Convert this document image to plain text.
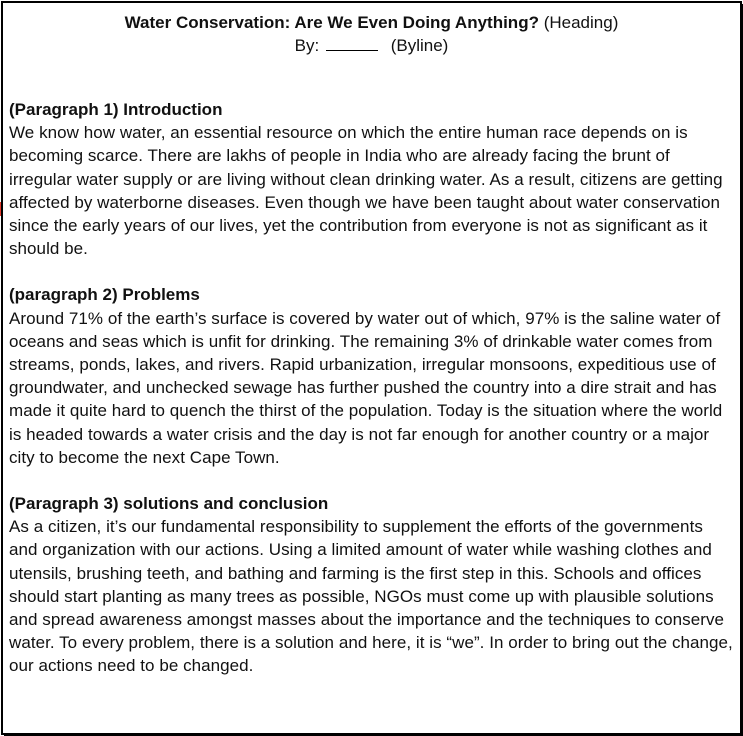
Water Conservation: Are We Even Doing Anything? (Heading)
By:	(Byline)
(Paragraph 1) Introduction
We know how water, an essential resource on which the entire human race depends on is becoming scarce. There are lakhs of people in India who are already facing the brunt of irregular water supply or are living without clean drinking water. As a result, citizens are getting affected by waterborne diseases. Even though we have been taught about water conservation since the early years of our lives, yet the contribution from everyone is not as significant as it should be.
(paragraph 2) Problems
Around 71% of the earth’s surface is covered by water out of which, 97% is the saline water of oceans and seas which is unfit for drinking. The remaining 3% of drinkable water comes from streams, ponds, lakes, and rivers. Rapid urbanization, irregular monsoons, expeditious use of groundwater, and unchecked sewage has further pushed the country into a dire strait and has made it quite hard to quench the thirst of the population. Today is the situation where the world is headed towards a water crisis and the day is not far enough for another country or a major city to become the next Cape Town.
(Paragraph 3) solutions and conclusion
As a citizen, it’s our fundamental responsibility to supplement the efforts of the governments and organization with our actions. Using a limited amount of water while washing clothes and utensils, brushing teeth, and bathing and farming is the first step in this. Schools and offices should start planting as many trees as possible, NGOs must come up with plausible solutions and spread awareness amongst masses about the importance and the techniques to conserve water. To every problem, there is a solution and here, it is “we”. In order to bring out the change, our actions need to be changed.
